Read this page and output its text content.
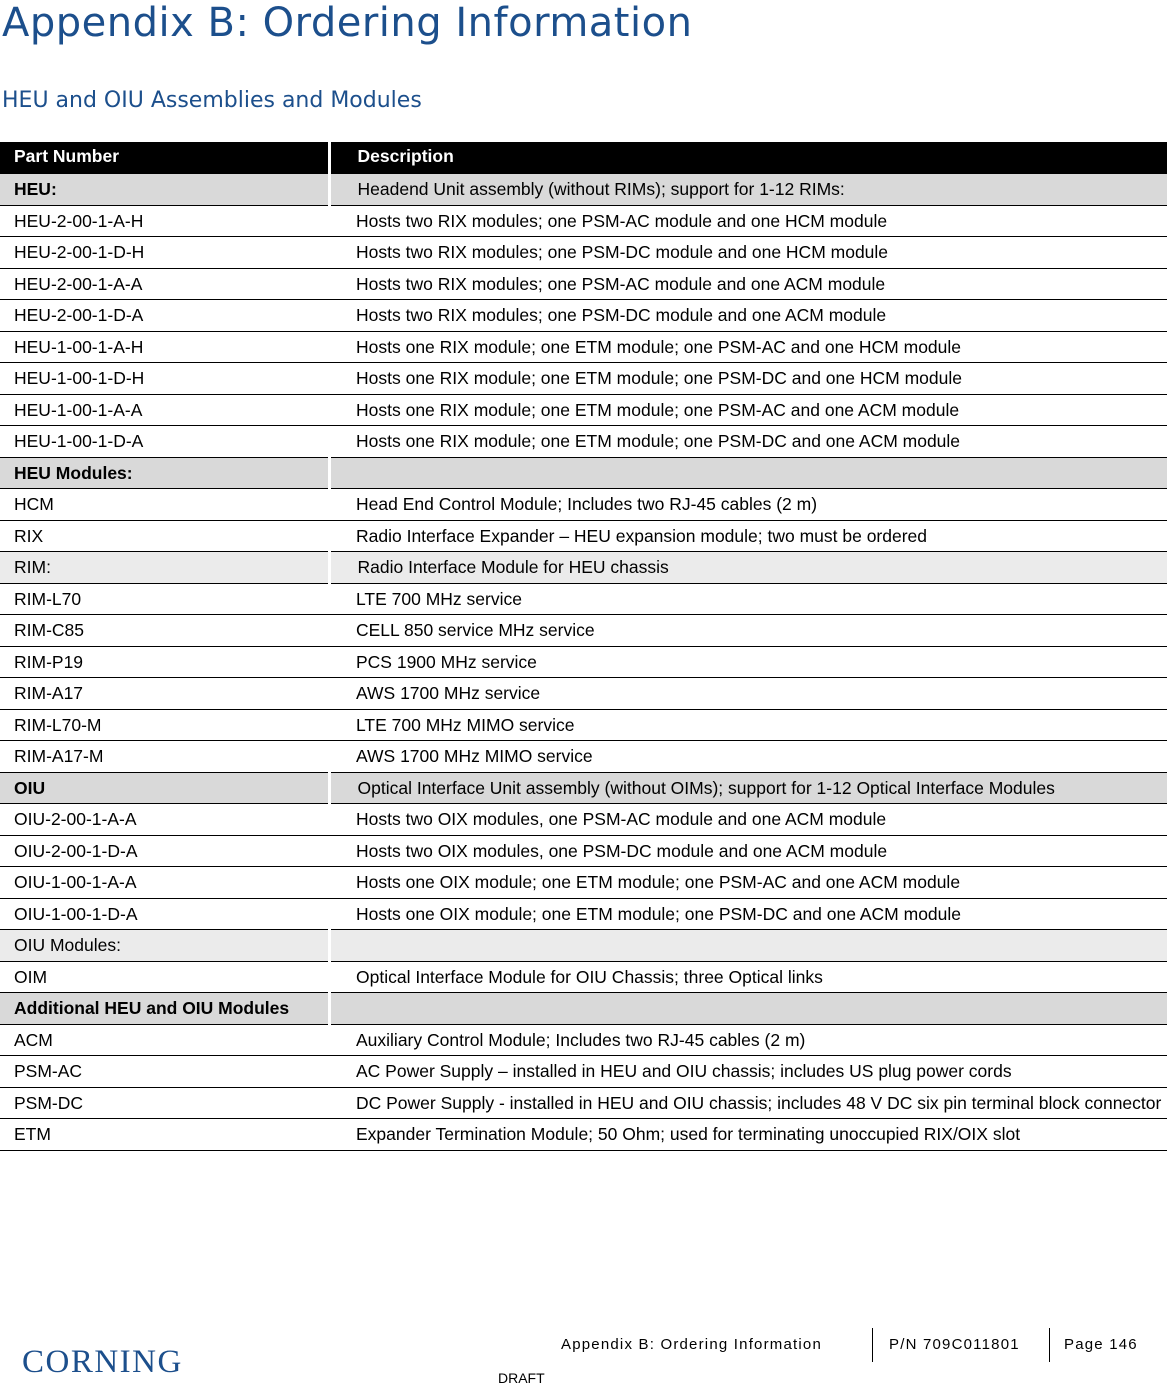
Appendix B: Ordering Information
HEU and OIU Assemblies and Modules
Part Number	Description
HEU:	Headend Unit assembly (without RIMs); support for 1-12 RIMs:
HEU-2-00-1-A-H	Hosts two RIX modules; one PSM-AC module and one HCM module
HEU-2-00-1-D-H	Hosts two RIX modules; one PSM-DC module and one HCM module
HEU-2-00-1-A-A	Hosts two RIX modules; one PSM-AC module and one ACM module
HEU-2-00-1-D-A	Hosts two RIX modules; one PSM-DC module and one ACM module
HEU-1-00-1-A-H	Hosts one RIX module; one ETM module; one PSM-AC and one HCM module
HEU-1-00-1-D-H	Hosts one RIX module; one ETM module; one PSM-DC and one HCM module
HEU-1-00-1-A-A	Hosts one RIX module; one ETM module; one PSM-AC and one ACM module
HEU-1-00-1-D-A	Hosts one RIX module; one ETM module; one PSM-DC and one ACM module
HEU Modules:	
HCM	Head End Control Module; Includes two RJ-45 cables (2 m)
RIX	Radio Interface Expander – HEU expansion module; two must be ordered
RIM:	Radio Interface Module for HEU chassis
RIM-L70	LTE 700 MHz service
RIM-C85	CELL 850 service MHz service
RIM-P19	PCS 1900 MHz service
RIM-A17	AWS 1700 MHz service
RIM-L70-M	LTE 700 MHz MIMO service
RIM-A17-M	AWS 1700 MHz MIMO service
OIU	Optical Interface Unit assembly (without OIMs); support for 1-12 Optical Interface Modules
OIU-2-00-1-A-A	Hosts two OIX modules, one PSM-AC module and one ACM module
OIU-2-00-1-D-A	Hosts two OIX modules, one PSM-DC module and one ACM module
OIU-1-00-1-A-A	Hosts one OIX module; one ETM module; one PSM-AC and one ACM module
OIU-1-00-1-D-A	Hosts one OIX module; one ETM module; one PSM-DC and one ACM module
OIU Modules:	
OIM	Optical Interface Module for OIU Chassis; three Optical links
Additional HEU and OIU Modules	
ACM	Auxiliary Control Module; Includes two RJ-45 cables (2 m)
PSM-AC	AC Power Supply – installed in HEU and OIU chassis; includes US plug power cords
PSM-DC	DC Power Supply - installed in HEU and OIU chassis; includes 48 V DC six pin terminal block connector
ETM	Expander Termination Module; 50 Ohm; used for terminating unoccupied RIX/OIX slot
Appendix B: Ordering Information	P/N 709C011801	Page 146
CORNING	DRAFT
